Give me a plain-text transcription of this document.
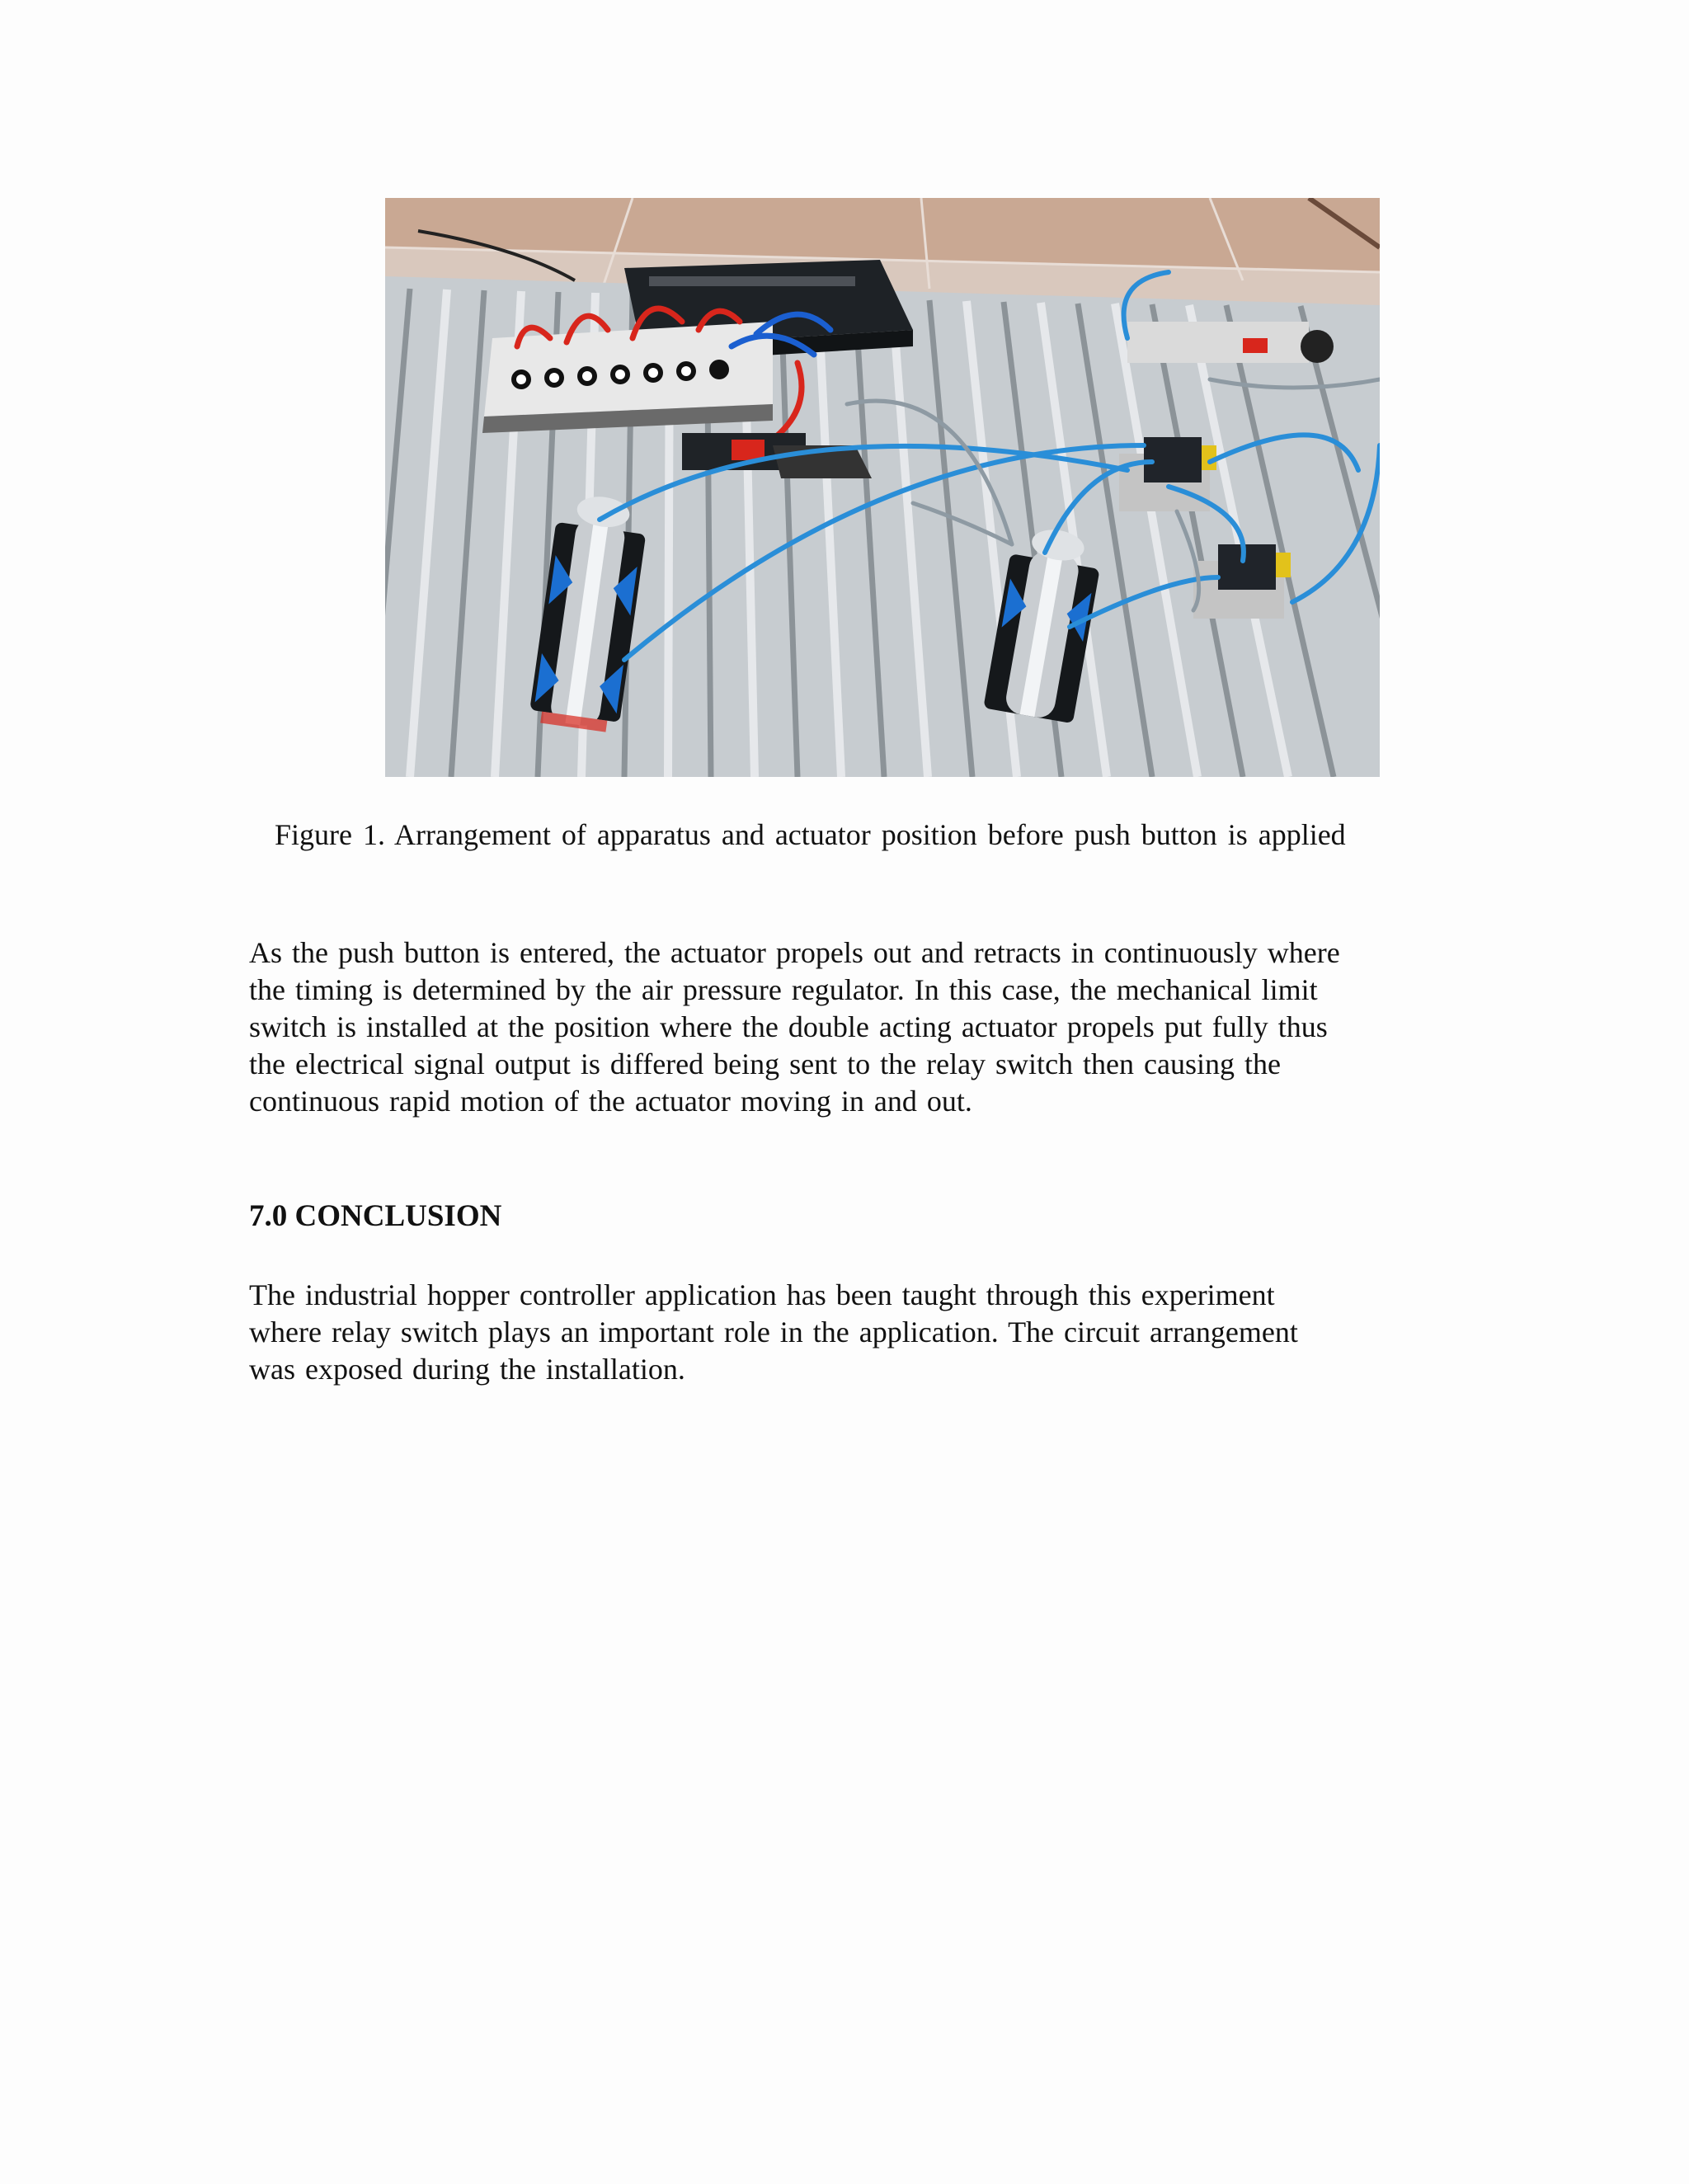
Figure 1. Arrangement of apparatus and actuator position before push button is applied
As the push button is entered, the actuator propels out and retracts in continuously where
the timing is determined by the air pressure regulator. In this case, the mechanical limit
switch is installed at the position where the double acting actuator propels put fully thus
the electrical signal output is differed being sent to the relay switch then causing the
continuous rapid motion of the actuator moving in and out.
7.0 CONCLUSION
The industrial hopper controller application has been taught through this experiment
where relay switch plays an important role in the application. The circuit arrangement
was exposed during the installation.
